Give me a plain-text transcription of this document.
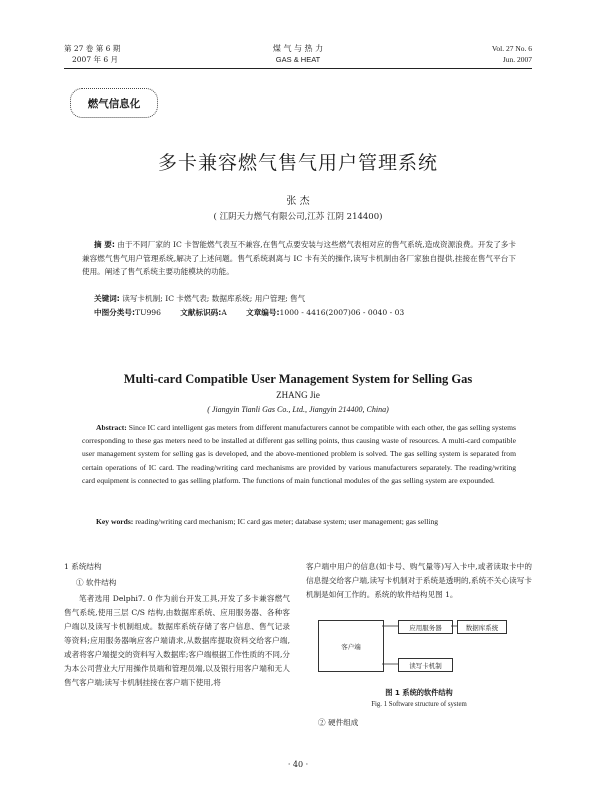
第 27 卷 第 6 期
2007 年 6 月
煤 气 与 热 力
GAS & HEAT
Vol. 27 No. 6
Jun. 2007
燃气信息化
多卡兼容燃气售气用户管理系统
张 杰
( 江阴天力燃气有限公司,江苏 江阴 214400)
摘 要: 由于不同厂家的 IC 卡智能燃气表互不兼容,在售气点要安装与这些燃气表相对应的售气系统,造成资源浪费。开发了多卡兼容燃气售气用户管理系统,解决了上述问题。售气系统剥离与 IC 卡有关的操作,读写卡机制由各厂家独自提供,挂接在售气平台下使用。阐述了售气系统主要功能模块的功能。
关键词: 读写卡机制; IC 卡燃气表; 数据库系统; 用户管理; 售气
中图分类号:TU996	文献标识码:A	文章编号:1000 - 4416(2007)06 - 0040 - 03
Multi-card Compatible User Management System for Selling Gas
ZHANG Jie
( Jiangyin Tianli Gas Co., Ltd., Jiangyin 214400, China)
Abstract: Since IC card intelligent gas meters from different manufacturers cannot be compatible with each other, the gas selling systems corresponding to these gas meters need to be installed at different gas selling points, thus causing waste of resources. A multi-card compatible user management system for selling gas is developed, and the above-mentioned problem is solved. The gas selling system is separated from certain operations of IC card. The reading/writing card mechanisms are provided by various manufacturers separately. The reading/writing card equipment is connected to gas selling platform. The functions of main functional modules of the gas selling system are expounded.
Key words: reading/writing card mechanism; IC card gas meter; database system; user management; gas selling
1 系统结构
① 软件结构
笔者选用 Delphi7. 0 作为前台开发工具,开发了多卡兼容燃气售气系统,使用三层 C/S 结构,由数据库系统、应用服务器、各种客户端以及读写卡机制组成。数据库系统存储了客户信息、售气记录等资料;应用服务器响应客户端请求,从数据库提取资料交给客户端,或者将客户端提交的资料写入数据库;客户端根据工作性质的不同,分为本公司营业大厅用操作员端和管理员端,以及银行用客户端和无人售气客户端;读写卡机制挂接在客户端下使用,将
客户端中用户的信息(如卡号、购气量等)写入卡中,或者读取卡中的信息提交给客户端,读写卡机制对于系统是透明的,系统不关心读写卡机制是如何工作的。系统的软件结构见图 1。
客户端
应用服务器	数据库系统
读写卡机制
图 1 系统的软件结构
Fig. 1 Software structure of system
② 硬件组成
· 40 ·
